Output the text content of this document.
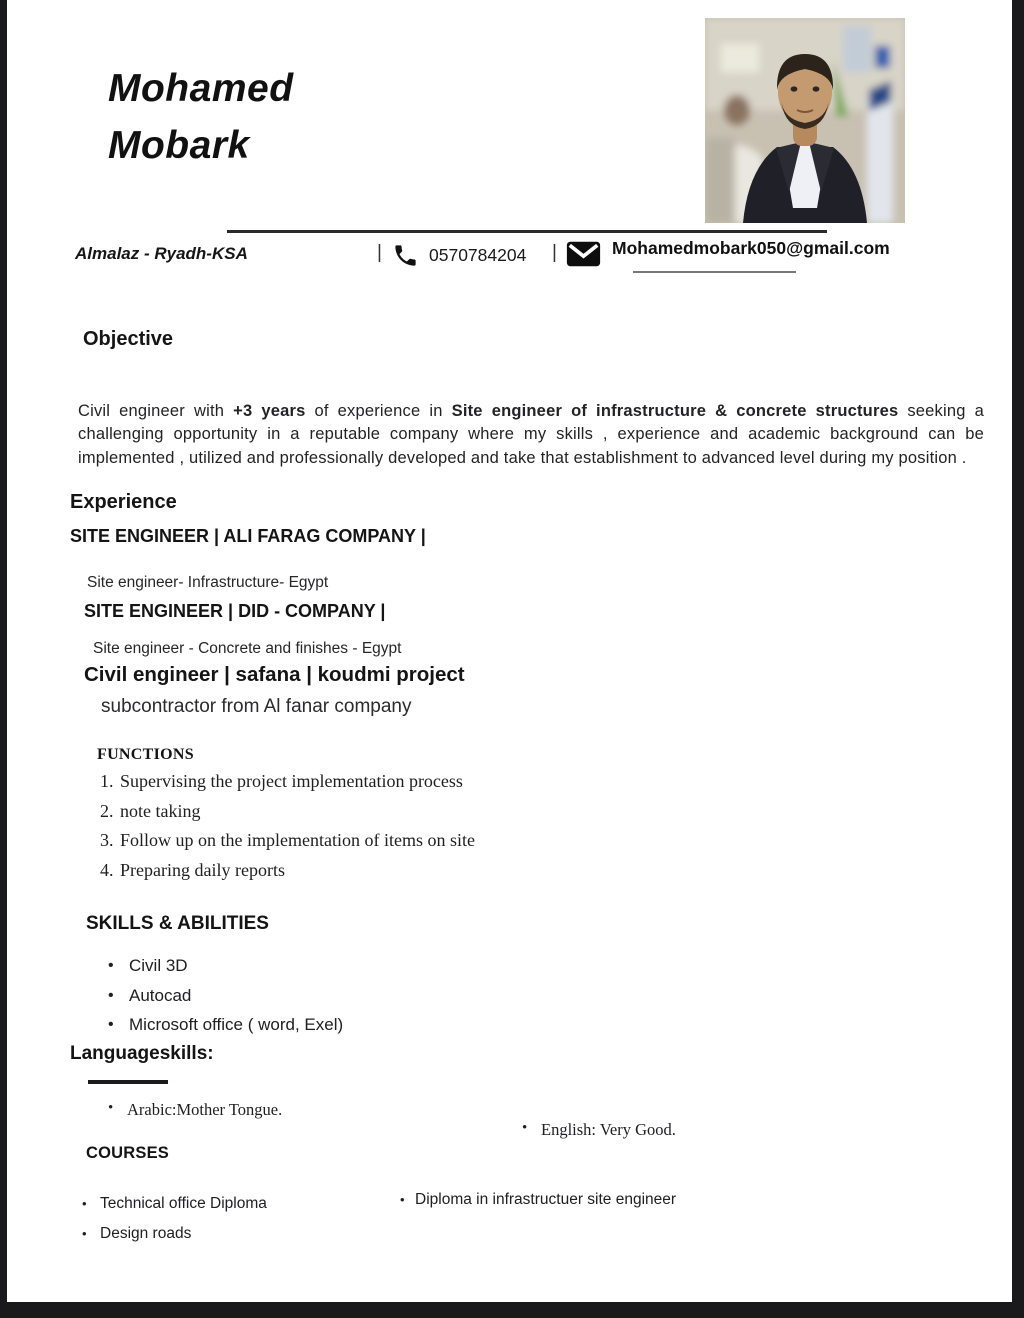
Mohamed
Mobark
Almalaz - Ryadh-KSA	|	0570784204 |	Mohamedmobark050@gmail.com
Objective

Civil engineer with +3 years of experience in Site engineer of infrastructure & concrete structures seeking a challenging opportunity in a reputable company where my skills , experience and academic background can be implemented , utilized and professionally developed and take that establishment to advanced level during my position .

Experience
SITE ENGINEER | ALI FARAG COMPANY |
Site engineer- Infrastructure- Egypt
SITE ENGINEER | DID - COMPANY |
Site engineer - Concrete and finishes - Egypt
Civil engineer | safana | koudmi project
subcontractor from Al fanar company
FUNCTIONS
1. Supervising the project implementation process
2. note taking
3. Follow up on the implementation of items on site
4. Preparing daily reports
SKILLS & ABILITIES
• Civil 3D
• Autocad
• Microsoft office ( word, Exel)
Languageskills:
• Arabic:Mother Tongue.
• English: Very Good.
COURSES
• Technical office Diploma
• Design roads
• Diploma in infrastructuer site engineer
